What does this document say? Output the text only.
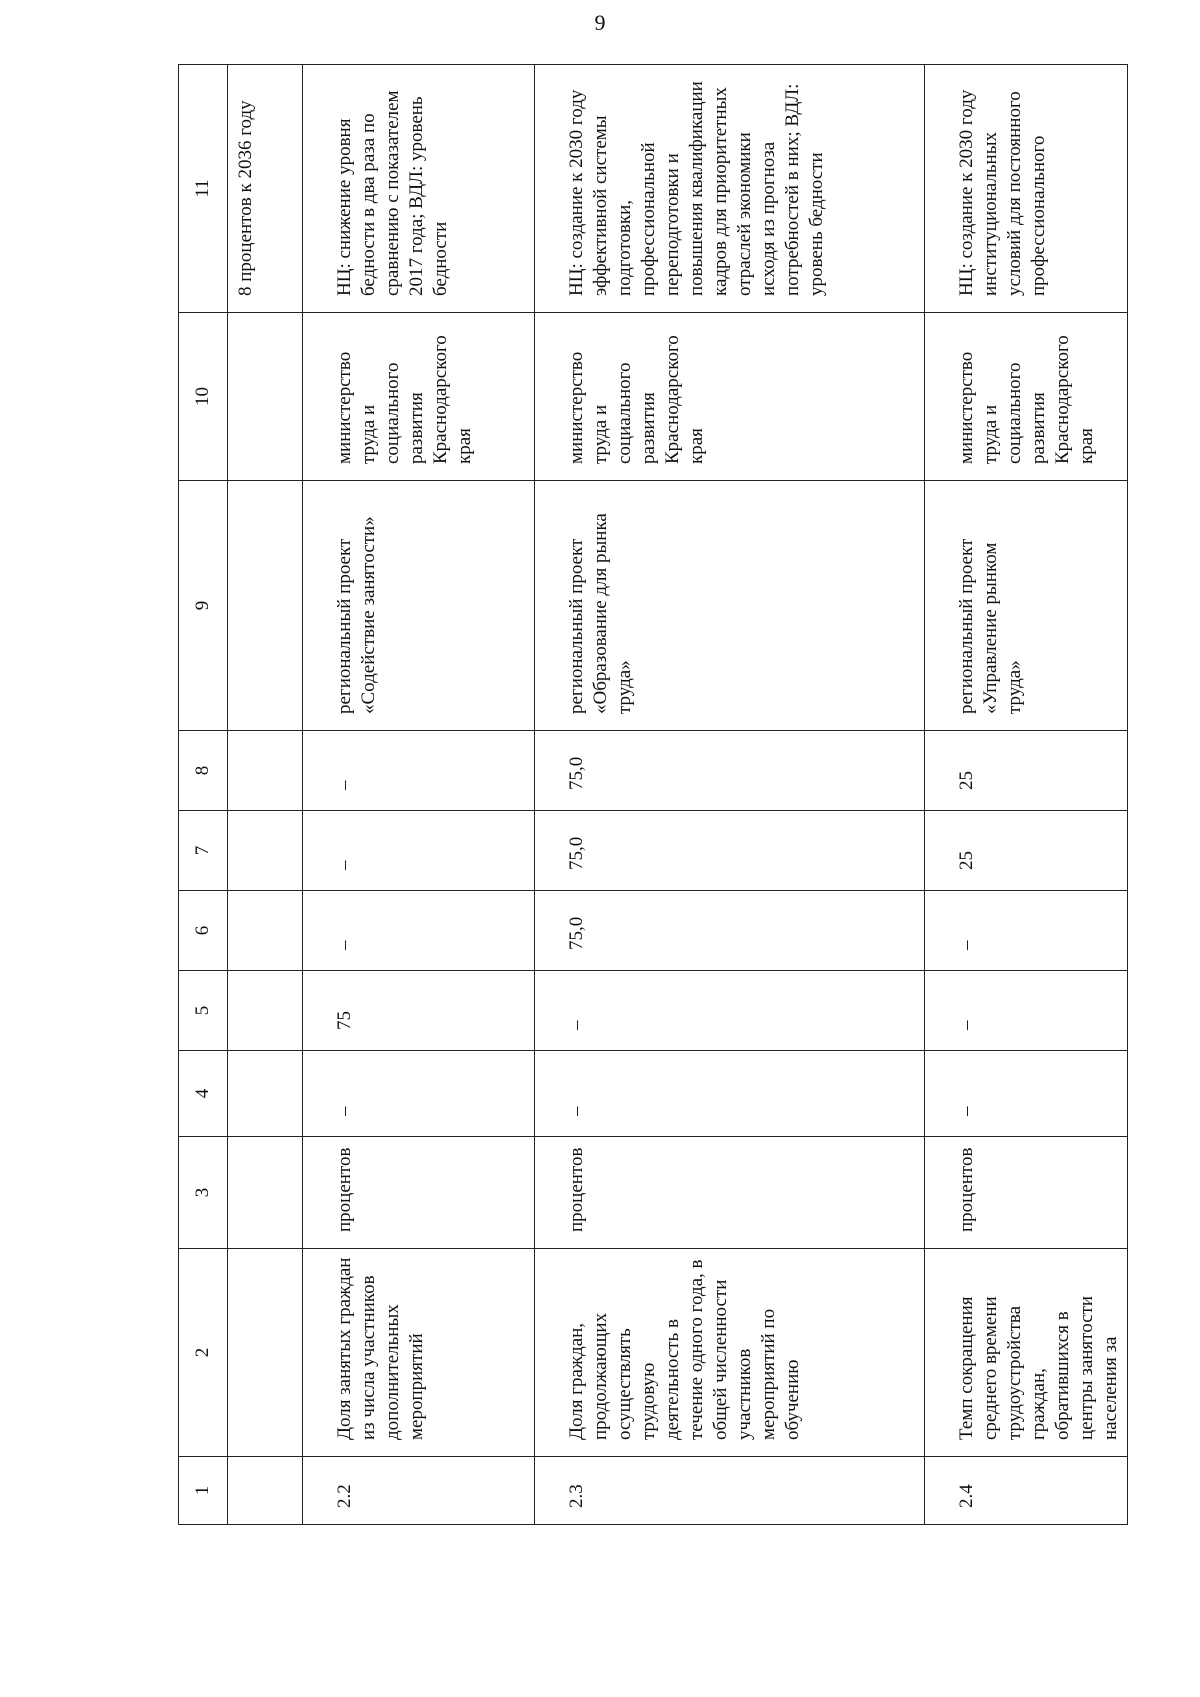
9
1	2	3	4	5	6	7	8	9	10	11
										8 процентов к 2036 году
2.2	Доля занятых граждан из числа участников дополнительных мероприятий	процентов	–	75	–	–	–	региональный проект «Содействие занятости»	министерство труда и социального развития Краснодарского края	НЦ: снижение уровня бедности в два раза по сравнению с показателем 2017 года; ВДЛ: уровень бедности
2.3	Доля граждан, продолжающих осуществлять трудовую деятельность в течение одного года, в общей численности участников мероприятий по обучению	процентов	–	–	75,0	75,0	75,0	региональный проект «Образование для рынка труда»	министерство труда и социального развития Краснодарского края	НЦ: создание к 2030 году эффективной системы подготовки, профессиональной переподготовки и повышения квалификации кадров для приоритетных отраслей экономики исходя из прогноза потребностей в них; ВДЛ: уровень бедности
2.4	Темп сокращения среднего времени трудоустройства граждан, обратившихся в центры занятости населения за	процентов	–	–	–	25	25	региональный проект «Управление рынком труда»	министерство труда и социального развития Краснодарского края	НЦ: создание к 2030 году институциональных условий для постоянного профессионального
